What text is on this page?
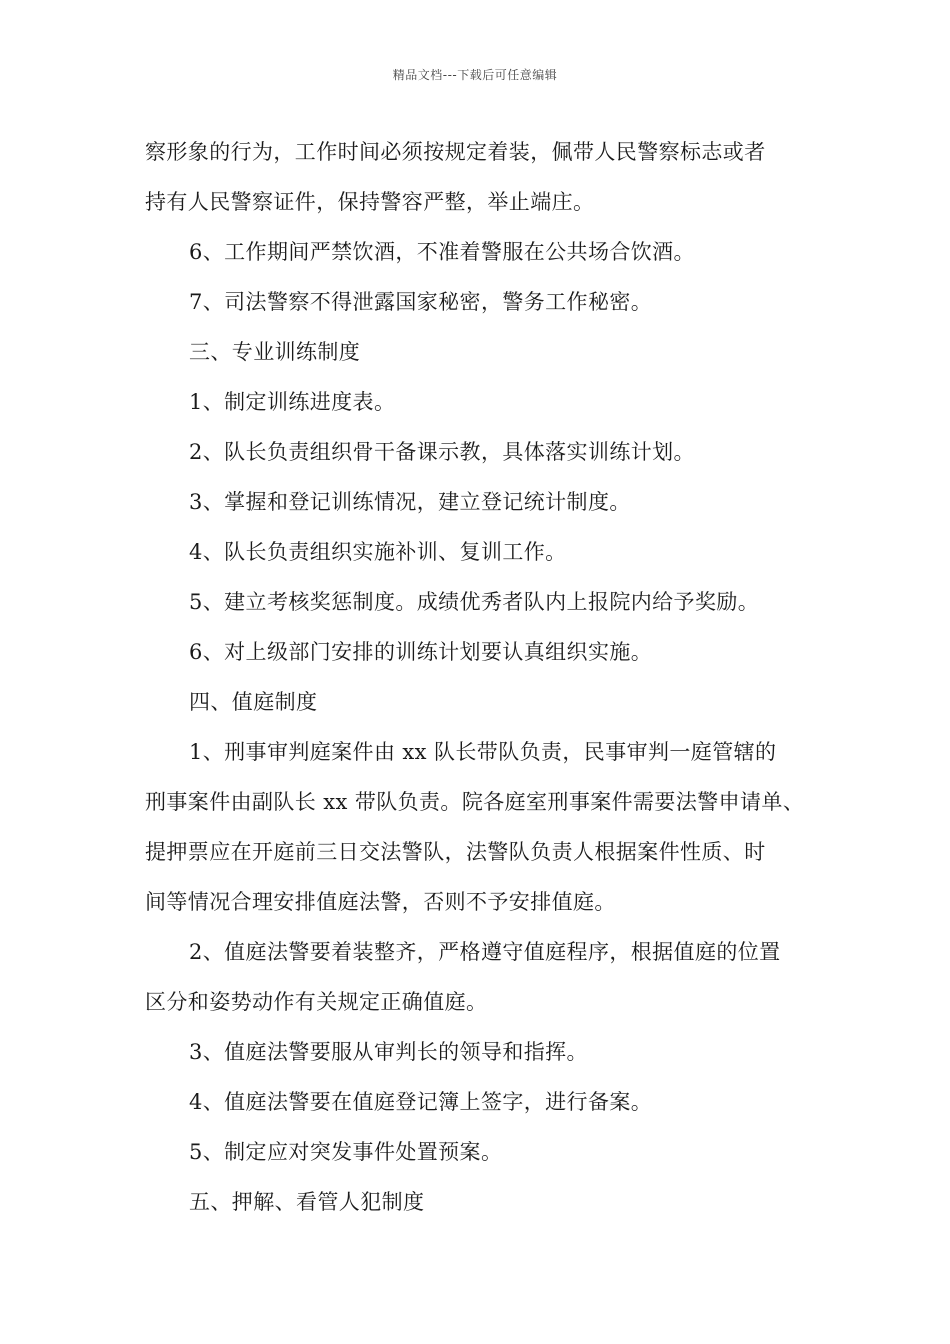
精品文档---下载后可任意编辑
察形象的行为，工作时间必须按规定着装，佩带人民警察标志或者
持有人民警察证件，保持警容严整，举止端庄。
6、工作期间严禁饮酒，不准着警服在公共场合饮酒。
7、司法警察不得泄露国家秘密，警务工作秘密。
三、专业训练制度
1、制定训练进度表。
2、队长负责组织骨干备课示教，具体落实训练计划。
3、掌握和登记训练情况，建立登记统计制度。
4、队长负责组织实施补训、复训工作。
5、建立考核奖惩制度。成绩优秀者队内上报院内给予奖励。
6、对上级部门安排的训练计划要认真组织实施。
四、值庭制度
1、刑事审判庭案件由 xx 队长带队负责，民事审判一庭管辖的
刑事案件由副队长 xx 带队负责。院各庭室刑事案件需要法警申请单、
提押票应在开庭前三日交法警队，法警队负责人根据案件性质、时
间等情况合理安排值庭法警，否则不予安排值庭。
2、值庭法警要着装整齐，严格遵守值庭程序，根据值庭的位置
区分和姿势动作有关规定正确值庭。
3、值庭法警要服从审判长的领导和指挥。
4、值庭法警要在值庭登记簿上签字，进行备案。
5、制定应对突发事件处置预案。
五、押解、看管人犯制度
